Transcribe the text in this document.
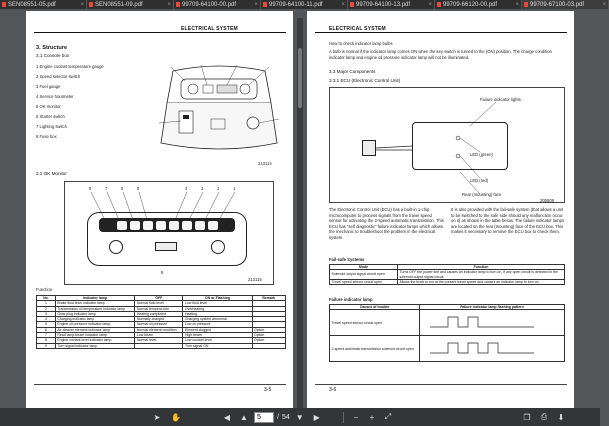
SEN08551-05.pdf	× SEN08551-09.pdf	× 99709-64100-00.pdf	× 99709-64100-11.pdf	× 99709-64100-13.pdf	× 99709-66120-00.pdf	× 99709-67100-03.pdf	×
ELECTRICAL SYSTEM
3. Structure
3.1 Console box
1 Engine coolant temperature gauge
2 Speed selector switch
3 Fuel gauge
4 Service hourmeter
5 OK monitor
6 Starter switch
7 Lighting switch
8 Fuse box
213114
3.2 OK Monitor
8	7	6	5	4	3	2	1
9
213115
Function
No.	Indicator lamp	OFF	ON or Flashing	Remark
1	Brake fluid level indicator lamp	Normal fluid level	Low fluid level	
2	Transmission oil temperature indicator lamp	Normal tempera-ture	Overheating	
3	Glow plug indicator lamp	Heating completed	Heating	
4	Charging indicator lamp	Normally charged	Charging system abnormal	
5	Engine oil pressure indicator lamp	Normal oil pressure	Low oil pressure	
6	Air cleaner element indicator lamp	Normal element condition	Element clogged	Option
7	Read lamp-beam indicator lamp	Low beam	High beam	Option
8	Engine coolant level indicator lamp	Normal level	Low coolant level	Option
9	Turn signal indicator lamp		Turn signal ON	
3-5
ELECTRICAL SYSTEM
How to check indicator lamp bulbs
A bulb is normal if the indicator lamp comes ON when the key switch is turned to the (ON) position. The charge condition indicator lamp and engine oil pressure indicator lamp will not be illuminated.
3.3 Major Components
3.3.1 ECU (Electronic Control Unit)
Failure indicator lights
LED (green)
LED (red)
Rear (mounting) face
205509
The Electronic Control Unit (ECU) has a built-in 1-chip microcomputer to process signals from the travel speed sensor for activating the 2-speed automatic transmission. This ECU has "self diagnostic" failure indicator lamps which allows the mechanic to troubleshoot the problem in the electrical system.
It is also provided with the fail-safe system (that allows a unit to be switched to the safe side should any malfunction occur on it) as shown in the table below. The failure indicator lamps are located on the rear (mounting) face of the ECU box. This makes it necessary to remove the ECU box to check them.
Fail-safe Systems
Mode	Function
Solenoid output signal circuit open	Turns OFF the power line and causes an indicator lamp to turn on, if any open circuit is detected in the solenoid output signal circuit.
Travel speed sensor circuit open	Allows the truck to run at the present travel speed and causes an indicator lamp to turn on.
Failure indicator lamp
Causes of trouble	Failure indicator lamp flashing pattern
Travel speed sensor circuit open	
2-speed automatic transmission solenoid circuit open	
3-6
➤	✋	◀	▲
5	/ 54 ▼	▶	−	+	⤢	❐	⎙	⬇
